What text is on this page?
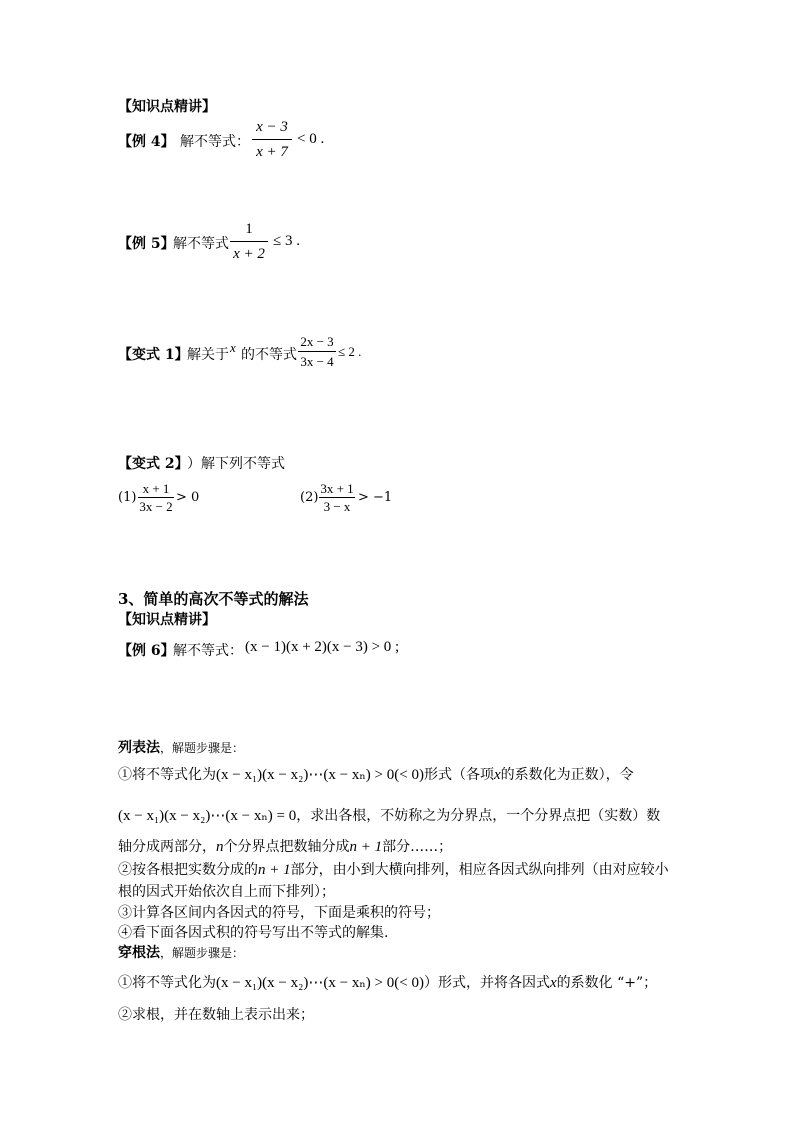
【知识点精讲】
【例 4】 解不等式：
x − 3
x + 7
< 0 .
【例 5】
解不等式
1
x + 2
≤ 3 .
【变式 1】
解关于 x 的不等式
2x − 3
3x − 4
≤ 2 .
【变式 2】
）解下列不等式
(1)
x + 1
3x − 2
> 0	(2)
3x + 1
3 − x
> −1
3、简单的高次不等式的解法
【知识点精讲】
【例 6】
解不等式： (x − 1)(x + 2)(x − 3) > 0 ;
列表法，解题步骤是：
①将不等式化为(x − x₁)(x − x₂)⋯(x − xₙ) > 0(< 0)形式（各项x的系数化为正数），令
(x − x₁)(x − x₂)⋯(x − xₙ) = 0，求出各根，不妨称之为分界点，一个分界点把（实数）数
轴分成两部分，n个分界点把数轴分成n + 1部分……；
②按各根把实数分成的n + 1部分，由小到大横向排列，相应各因式纵向排列（由对应较小
根的因式开始依次自上而下排列）；
③计算各区间内各因式的符号，下面是乘积的符号；
④看下面各因式积的符号写出不等式的解集.
穿根法，解题步骤是：
①将不等式化为(x − x₁)(x − x₂)⋯(x − xₙ) > 0(< 0)）形式，并将各因式x的系数化 “+”；
②求根，并在数轴上表示出来；
